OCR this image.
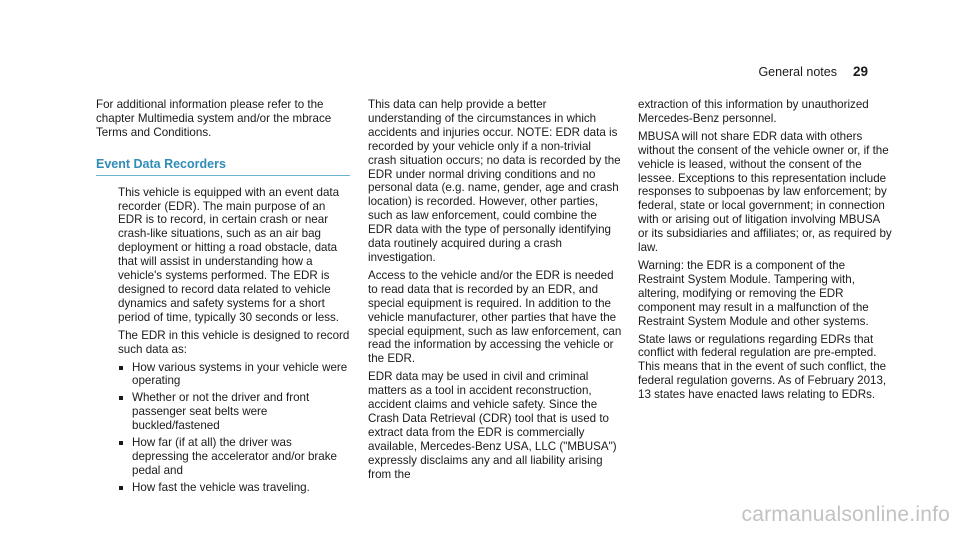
General notes 29

For additional information please refer to the chapter Multimedia system and/or the mbrace Terms and Conditions.

Event Data Recorders

This vehicle is equipped with an event data recorder (EDR). The main purpose of an EDR is to record, in certain crash or near crash-like situations, such as an air bag deployment or hitting a road obstacle, data that will assist in understanding how a vehicle's systems performed. The EDR is designed to record data related to vehicle dynamics and safety systems for a short period of time, typically 30 seconds or less.

The EDR in this vehicle is designed to record such data as:

How various systems in your vehicle were operating
Whether or not the driver and front passenger seat belts were buckled/fastened
How far (if at all) the driver was depressing the accelerator and/or brake pedal and
How fast the vehicle was traveling.

This data can help provide a better understanding of the circumstances in which accidents and injuries occur. NOTE: EDR data is recorded by your vehicle only if a non-trivial crash situation occurs; no data is recorded by the EDR under normal driving conditions and no personal data (e.g. name, gender, age and crash location) is recorded. However, other parties, such as law enforcement, could combine the EDR data with the type of personally identifying data routinely acquired during a crash investigation.

Access to the vehicle and/or the EDR is needed to read data that is recorded by an EDR, and special equipment is required. In addition to the vehicle manufacturer, other parties that have the special equipment, such as law enforcement, can read the information by accessing the vehicle or the EDR.

EDR data may be used in civil and criminal matters as a tool in accident reconstruction, accident claims and vehicle safety. Since the Crash Data Retrieval (CDR) tool that is used to extract data from the EDR is commercially available, Mercedes-Benz USA, LLC ("MBUSA") expressly disclaims any and all liability arising from the

extraction of this information by unauthorized Mercedes-Benz personnel.

MBUSA will not share EDR data with others without the consent of the vehicle owner or, if the vehicle is leased, without the consent of the lessee. Exceptions to this representation include responses to subpoenas by law enforcement; by federal, state or local government; in connection with or arising out of litigation involving MBUSA or its subsidiaries and affiliates; or, as required by law.

Warning: the EDR is a component of the Restraint System Module. Tampering with, altering, modifying or removing the EDR component may result in a malfunction of the Restraint System Module and other systems.

State laws or regulations regarding EDRs that conflict with federal regulation are pre-empted. This means that in the event of such conflict, the federal regulation governs. As of February 2013, 13 states have enacted laws relating to EDRs.

carmanualsonline.info
